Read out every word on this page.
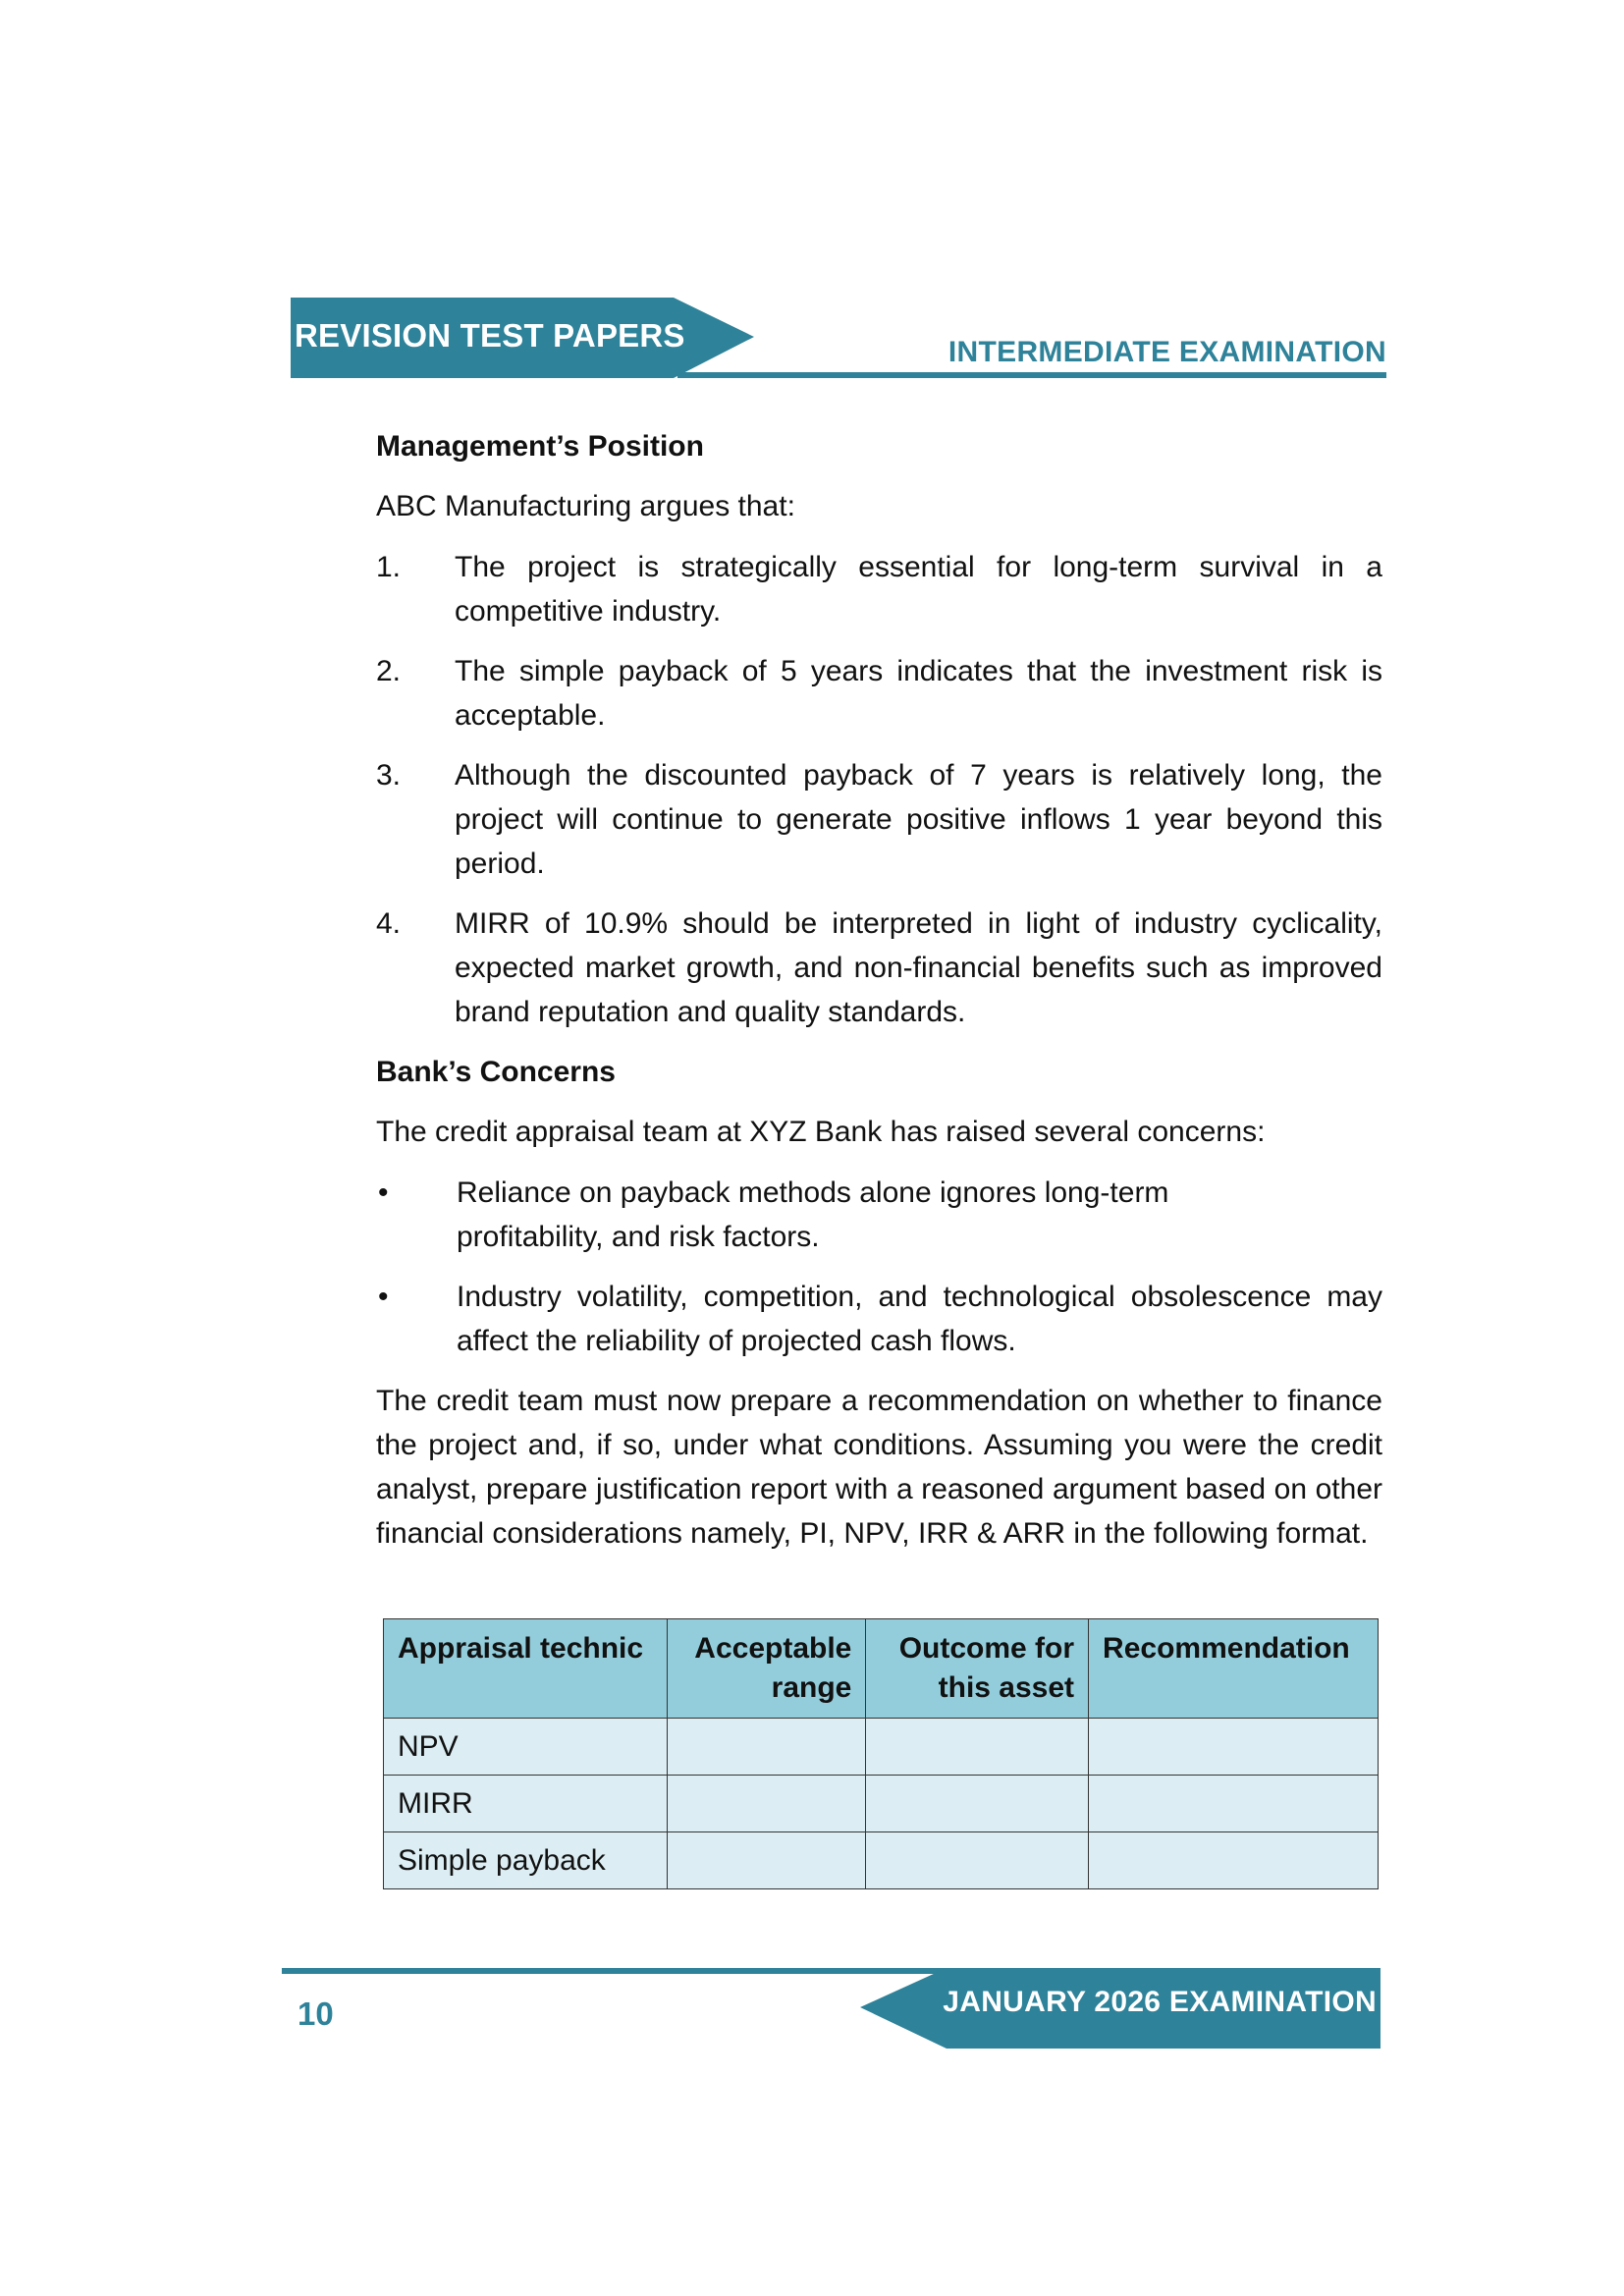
REVISION TEST PAPERS	INTERMEDIATE EXAMINATION
Management’s Position

ABC Manufacturing argues that:

1.	The project is strategically essential for long-term survival in a competitive industry.
2.	The simple payback of 5 years indicates that the investment risk is acceptable.
3.	Although the discounted payback of 7 years is relatively long, the project will continue to generate positive inflows 1 year beyond this period.
4.	MIRR of 10.9% should be interpreted in light of industry cyclicality, expected market growth, and non-financial benefits such as improved brand reputation and quality standards.
Bank’s Concerns

The credit appraisal team at XYZ Bank has raised several concerns:

•	Reliance on payback methods alone ignores long-term profitability, and risk factors.
•	Industry volatility, competition, and technological obsolescence may affect the reliability of projected cash flows.

The credit team must now prepare a recommendation on whether to finance the project and, if so, under what conditions. Assuming you were the credit analyst, prepare justification report with a reasoned argument based on other financial considerations namely, PI, NPV, IRR & ARR in the following format.

Appraisal technic	Acceptable range	Outcome for this asset	Recommendation
NPV			
MIRR			
Simple payback			
JANUARY 2026 EXAMINATION
10
